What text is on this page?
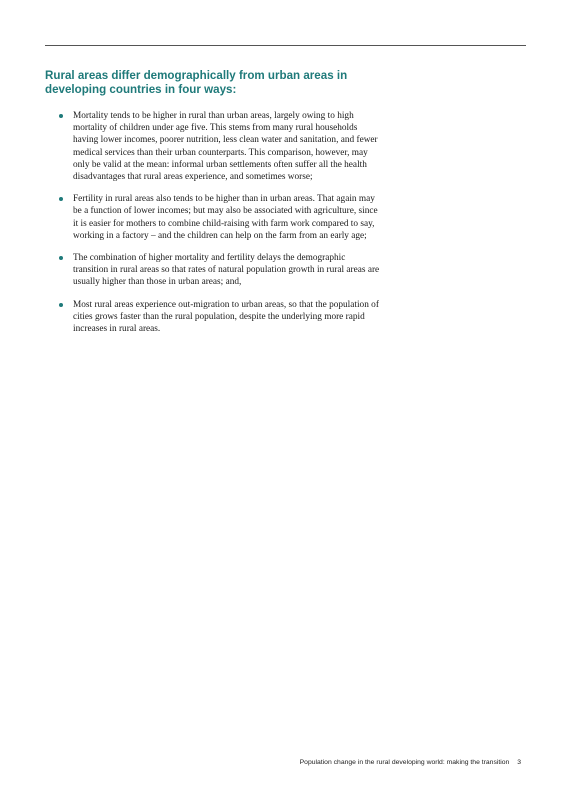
Rural areas differ demographically from urban areas in developing countries in four ways:
Mortality tends to be higher in rural than urban areas, largely owing to high mortality of children under age five. This stems from many rural households having lower incomes, poorer nutrition, less clean water and sanitation, and fewer medical services than their urban counterparts. This comparison, however, may only be valid at the mean: informal urban settlements often suffer all the health disadvantages that rural areas experience, and sometimes worse;
Fertility in rural areas also tends to be higher than in urban areas. That again may be a function of lower incomes; but may also be associated with agriculture, since it is easier for mothers to combine child-raising with farm work compared to say, working in a factory – and the children can help on the farm from an early age;
The combination of higher mortality and fertility delays the demographic transition in rural areas so that rates of natural population growth in rural areas are usually higher than those in urban areas; and,
Most rural areas experience out-migration to urban areas, so that the population of cities grows faster than the rural population, despite the underlying more rapid increases in rural areas.
Population change in the rural developing world: making the transition 3
